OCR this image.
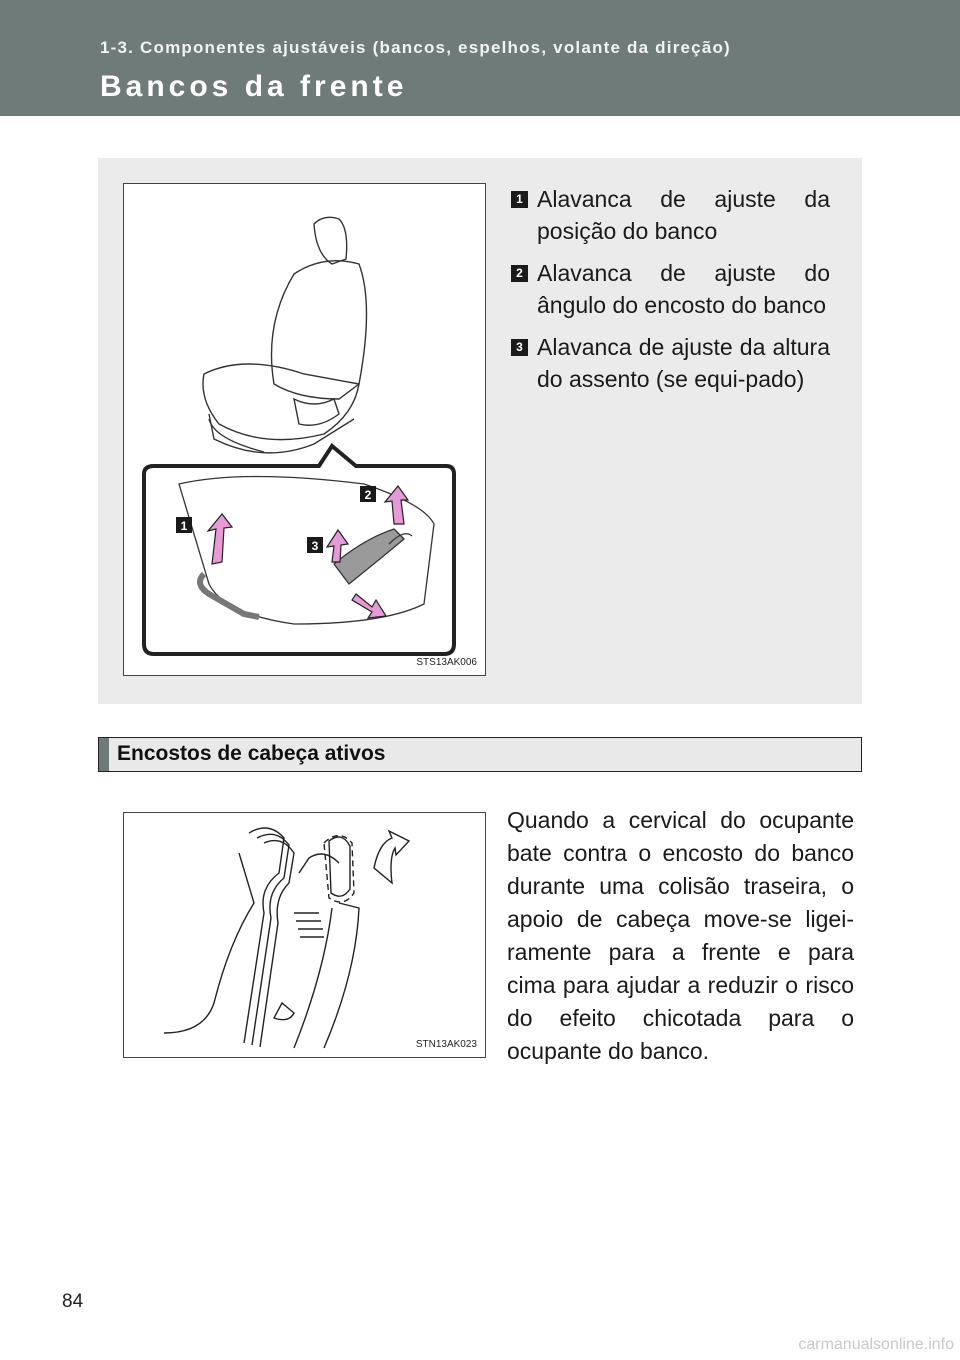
1-3. Componentes ajustáveis (bancos, espelhos, volante da direção)
Bancos da frente
1
3
2
STS13AK006
1 Alavanca de ajuste da posição do banco
2 Alavanca de ajuste do ângulo do encosto do banco
3 Alavanca de ajuste da altura do assento (se equi-pado)
Encostos de cabeça ativos
STN13AK023
Quando a cervical do ocupante bate contra o encosto do banco durante uma colisão traseira, o apoio de cabeça move-se ligei-ramente para a frente e para cima para ajudar a reduzir o risco do efeito chicotada para o ocupante do banco.
84
carmanualsonline.info
